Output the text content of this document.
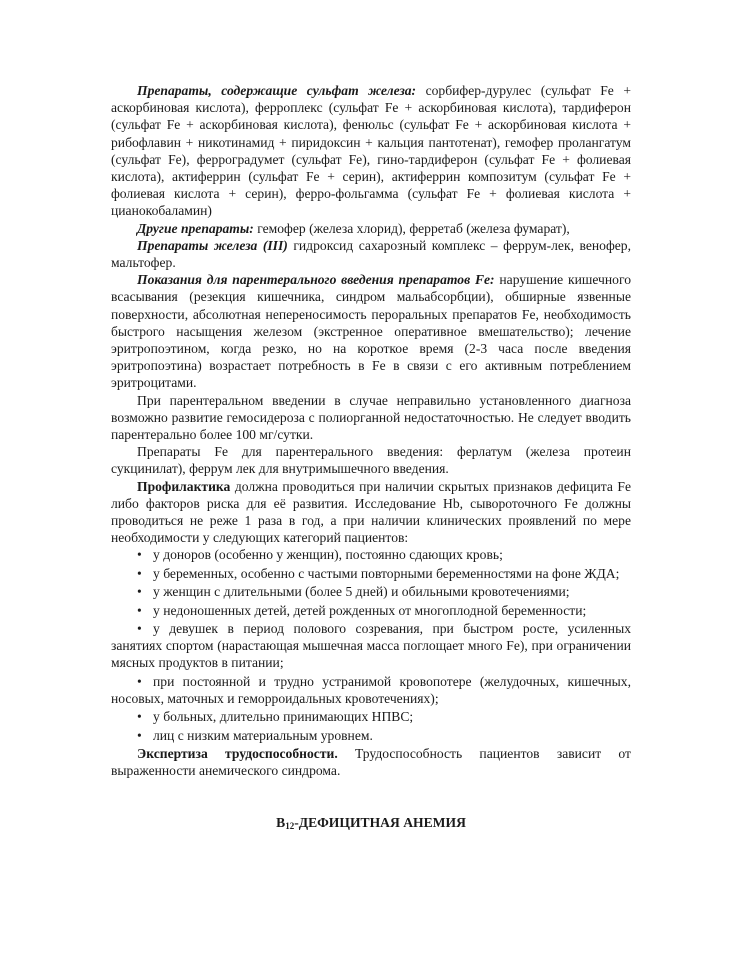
Препараты, содержащие сульфат железа: сорбифер-дурулес (сульфат Fe + аскорбиновая кислота), ферроплекс (сульфат Fe + аскорбиновая кислота), тардиферон (сульфат Fe + аскорбиновая кислота), фенюльс (сульфат Fe + аскорбиновая кислота + рибофлавин + никотинамид + пиридоксин + кальция пантотенат), гемофер пролангатум (сульфат Fe), ферроградумет (сульфат Fe), гино-тардиферон (сульфат Fe + фолиевая кислота), актиферрин (сульфат Fe + серин), актиферрин композитум (сульфат Fe + фолиевая кислота + серин), ферро-фольгамма (сульфат Fe + фолиевая кислота + цианокобаламин)

Другие препараты: гемофер (железа хлорид), ферретаб (железа фумарат),

Препараты железа (III) гидроксид сахарозный комплекс – феррум-лек, венофер, мальтофер.

Показания для парентерального введения препаратов Fe: нарушение кишечного всасывания (резекция кишечника, синдром мальабсорбции), обширные язвенные поверхности, абсолютная непереносимость пероральных препаратов Fe, необходимость быстрого насыщения железом (экстренное оперативное вмешательство); лечение эритропоэтином, когда резко, но на короткое время (2-3 часа после введения эритропоэтина) возрастает потребность в Fe в связи с его активным потреблением эритроцитами.

При парентеральном введении в случае неправильно установленного диагноза возможно развитие гемосидероза с полиорганной недостаточностью. Не следует вводить парентерально более 100 мг/сутки.

Препараты Fe для парентерального введения: ферлатум (железа протеин сукцинилат), феррум лек для внутримышечного введения.

Профилактика должна проводиться при наличии скрытых признаков дефицита Fe либо факторов риска для её развития. Исследование Hb, сывороточного Fe должны проводиться не реже 1 раза в год, а при наличии клинических проявлений по мере необходимости у следующих категорий пациентов:

• у доноров (особенно у женщин), постоянно сдающих кровь;
• у беременных, особенно с частыми повторными беременностями на фоне ЖДА;
• у женщин с длительными (более 5 дней) и обильными кровотечениями;
• у недоношенных детей, детей рожденных от многоплодной беременности;
• у девушек в период полового созревания, при быстром росте, усиленных занятиях спортом (нарастающая мышечная масса поглощает много Fe), при ограничении мясных продуктов в питании;
• при постоянной и трудно устранимой кровопотере (желудочных, кишечных, носовых, маточных и геморроидальных кровотечениях);
• у больных, длительно принимающих НПВС;
• лиц с низким материальным уровнем.

Экспертиза трудоспособности. Трудоспособность пациентов зависит от выраженности анемического синдрома.

$B_{12}$-ДЕФИЦИТНАЯ АНЕМИЯ
